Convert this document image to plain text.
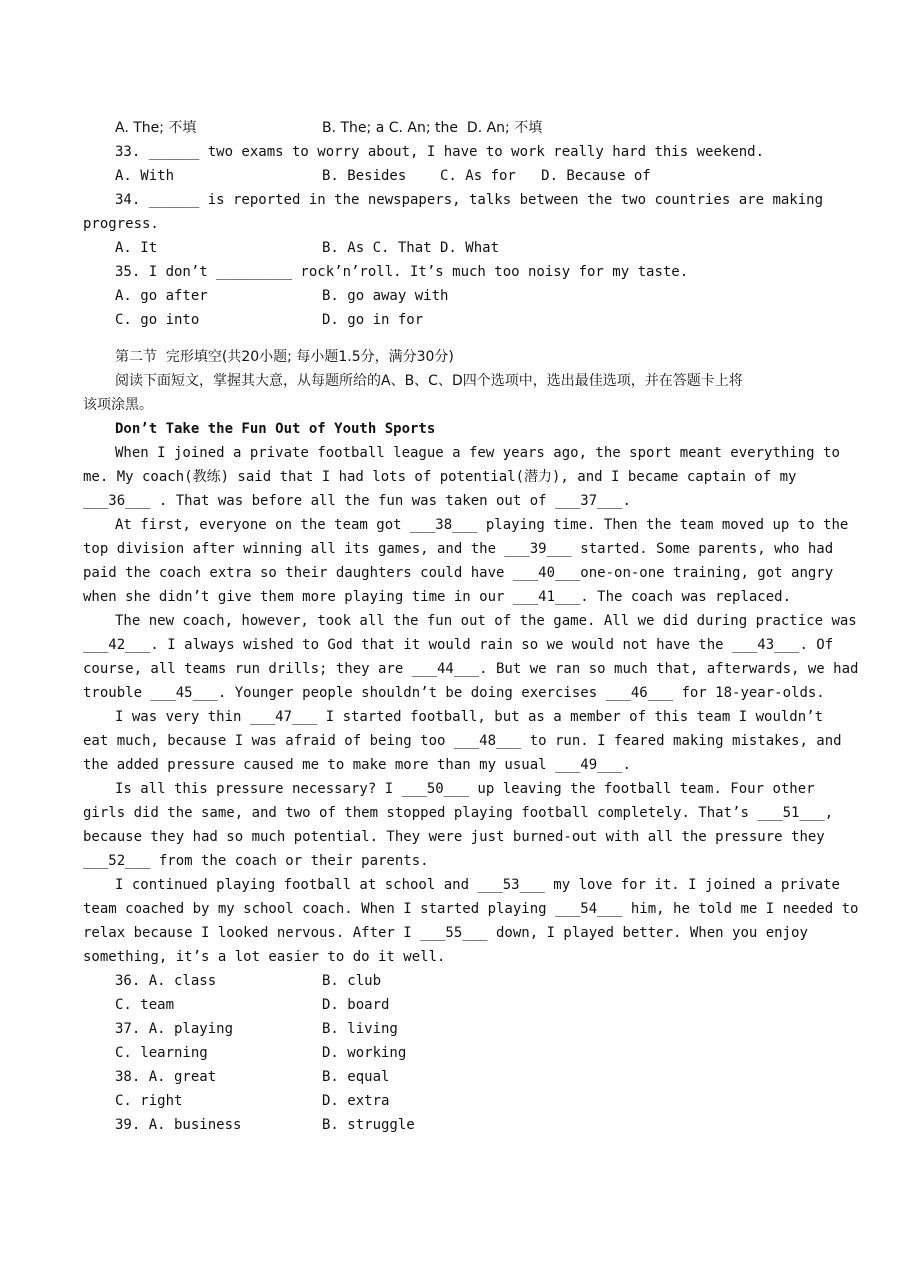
A. The; 不填	B. The; a C. An; the  D. An; 不填
33. ______ two exams to worry about, I have to work really hard this weekend.
A. With	B. Besides    C. As for   D. Because of
34. ______ is reported in the newspapers, talks between the two countries are making
progress.
A. It	B. As C. That D. What
35. I don’t _________ rock’n’roll. It’s much too noisy for my taste.
A. go after	B. go away with
C. go into	D. go in for
第二节  完形填空(共20小题; 每小题1.5分，满分30分)
阅读下面短文，掌握其大意，从每题所给的A、B、C、D四个选项中，选出最佳选项，并在答题卡上将
该项涂黑。
Don’t Take the Fun Out of Youth Sports
When I joined a private football league a few years ago, the sport meant everything to
me. My coach(教练) said that I had lots of potential(潜力), and I became captain of my
___36___ . That was before all the fun was taken out of ___37___.
At first, everyone on the team got ___38___ playing time. Then the team moved up to the
top division after winning all its games, and the ___39___ started. Some parents, who had
paid the coach extra so their daughters could have ___40___one-on-one training, got angry
when she didn’t give them more playing time in our ___41___. The coach was replaced.
The new coach, however, took all the fun out of the game. All we did during practice was
___42___. I always wished to God that it would rain so we would not have the ___43___. Of
course, all teams run drills; they are ___44___. But we ran so much that, afterwards, we had
trouble ___45___. Younger people shouldn’t be doing exercises ___46___ for 18-year-olds.
I was very thin ___47___ I started football, but as a member of this team I wouldn’t
eat much, because I was afraid of being too ___48___ to run. I feared making mistakes, and
the added pressure caused me to make more than my usual ___49___.
Is all this pressure necessary? I ___50___ up leaving the football team. Four other
girls did the same, and two of them stopped playing football completely. That’s ___51___,
because they had so much potential. They were just burned-out with all the pressure they
___52___ from the coach or their parents.
I continued playing football at school and ___53___ my love for it. I joined a private
team coached by my school coach. When I started playing ___54___ him, he told me I needed to
relax because I looked nervous. After I ___55___ down, I played better. When you enjoy
something, it’s a lot easier to do it well.
36. A. class	B. club
C. team	D. board
37. A. playing	B. living
C. learning	D. working
38. A. great	B. equal
C. right	D. extra
39. A. business	B. struggle
